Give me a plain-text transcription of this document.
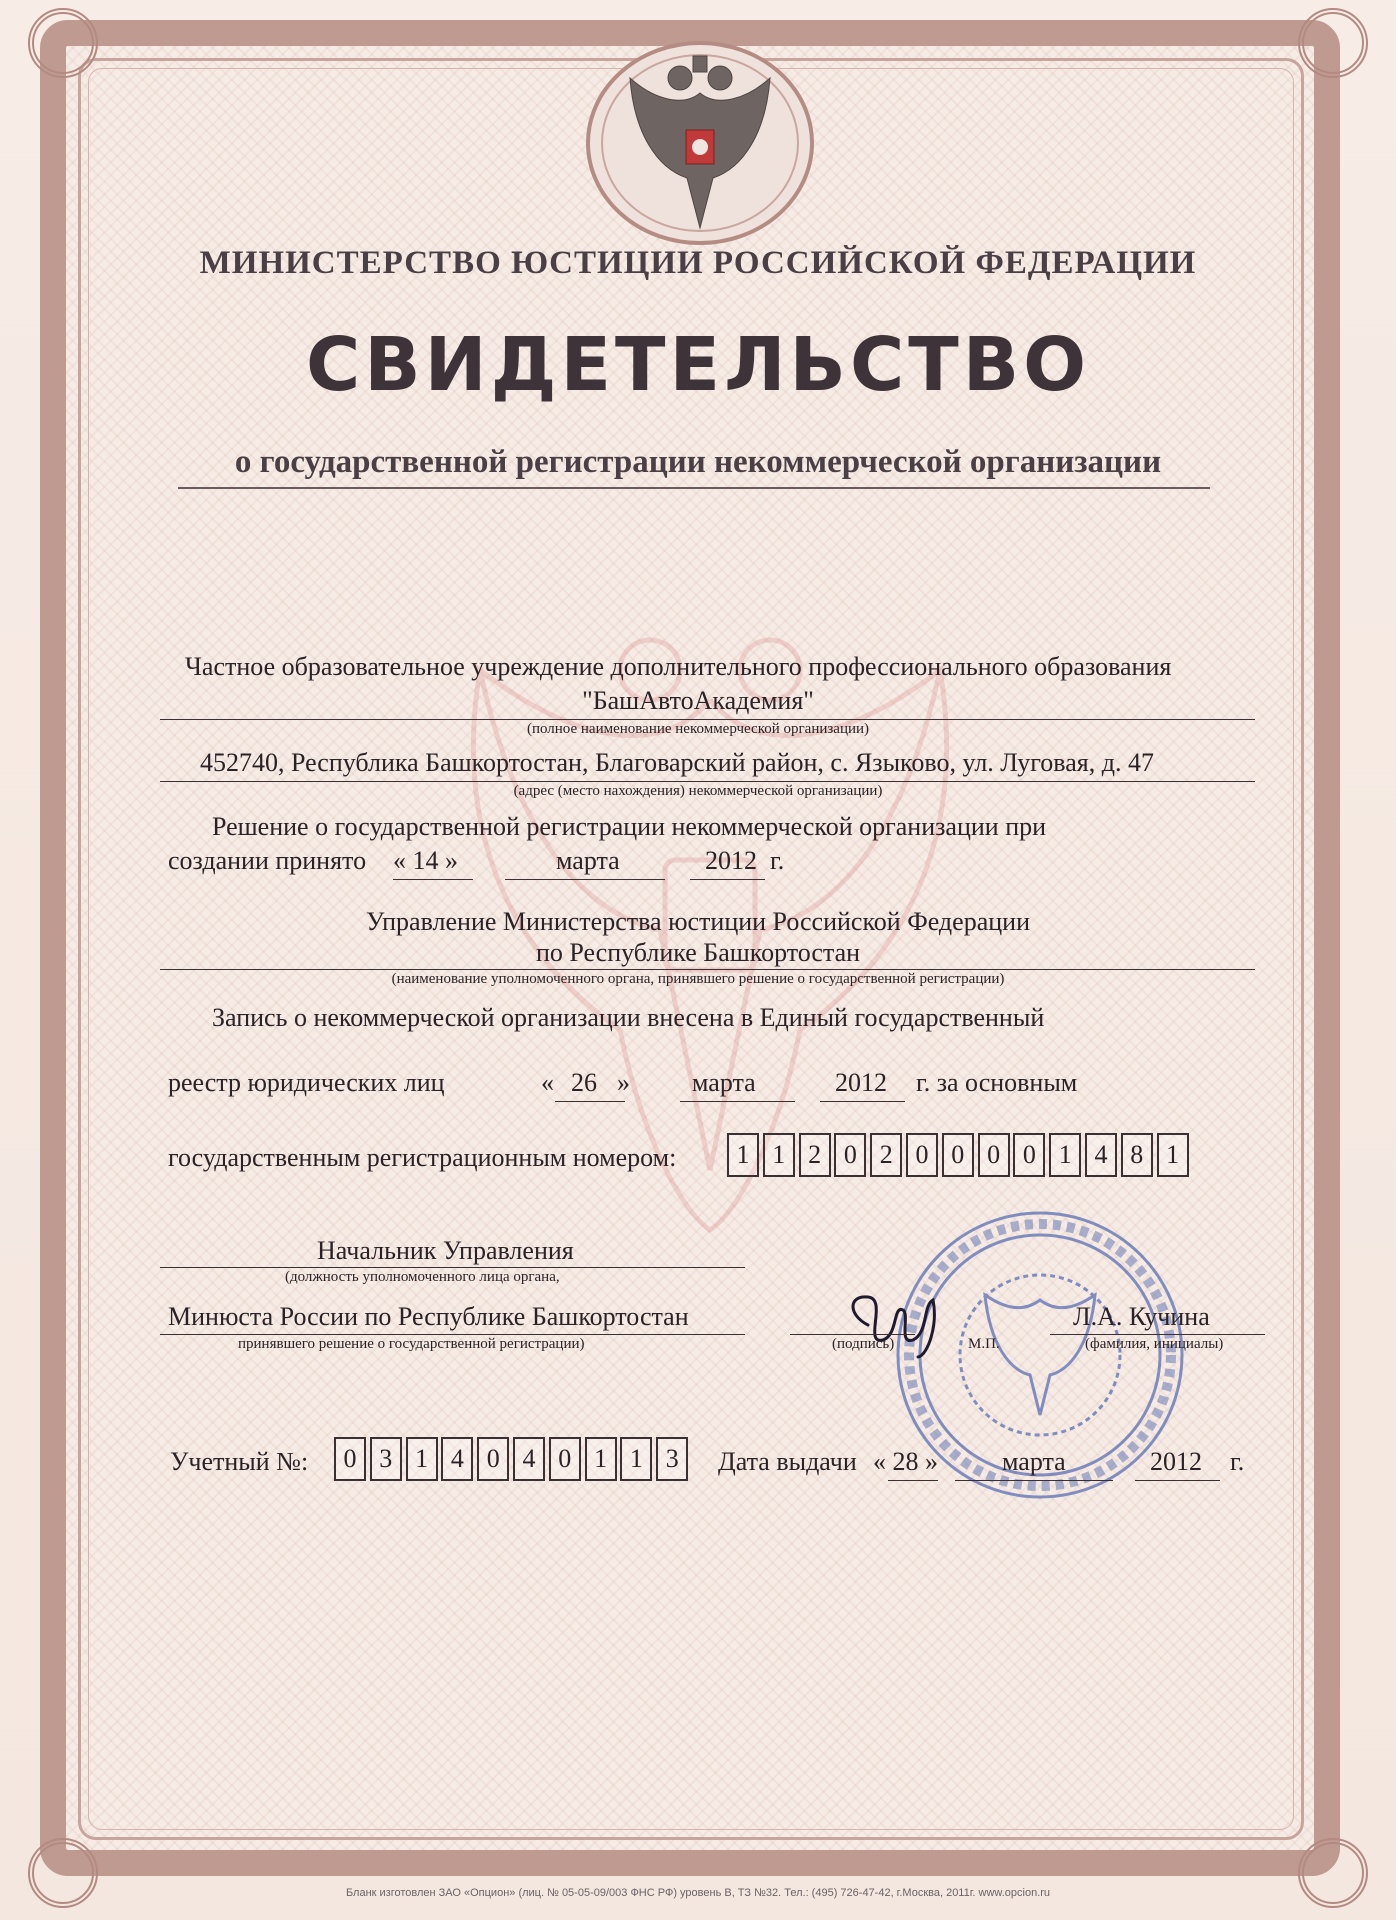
МИНИСТЕРСТВО ЮСТИЦИИ РОССИЙСКОЙ ФЕДЕРАЦИИ
СВИДЕТЕЛЬСТВО
о государственной регистрации некоммерческой организации
Частное образовательное учреждение дополнительного профессионального образования
"БашАвтоАкадемия"
(полное наименование некоммерческой организации)
452740, Республика Башкортостан, Благоварский район, с. Языково, ул. Луговая, д. 47
(адрес (место нахождения) некоммерческой организации)
Решение о государственной регистрации некоммерческой организации при
создании принято « 14 »	марта	2012 г.
Управление Министерства юстиции Российской Федерации
по Республике Башкортостан
(наименование уполномоченного органа, принявшего решение о государственной регистрации)
Запись о некоммерческой организации внесена в Единый государственный
реестр юридических лиц	« 26 » марта	2012 г. за основным
государственным регистрационным номером:	1 1 2 0 2 0 0 0 0 1 4 8 1
Начальник Управления
(должность уполномоченного лица органа,
Минюста России по Республике Башкортостан
принявшего решение о государственной регистрации)	(подпись)	М.П.
Л.А. Кучина
(фамилия, инициалы)
Учетный №:	0 3 1 4 0 4 0 1 1 3	Дата выдачи « 28 » марта	2012 г.
Бланк изготовлен ЗАО «Опцион» (лиц. № 05-05-09/003 ФНС РФ) уровень В, ТЗ №32. Тел.: (495) 726-47-42, г.Москва, 2011г. www.opcion.ru
